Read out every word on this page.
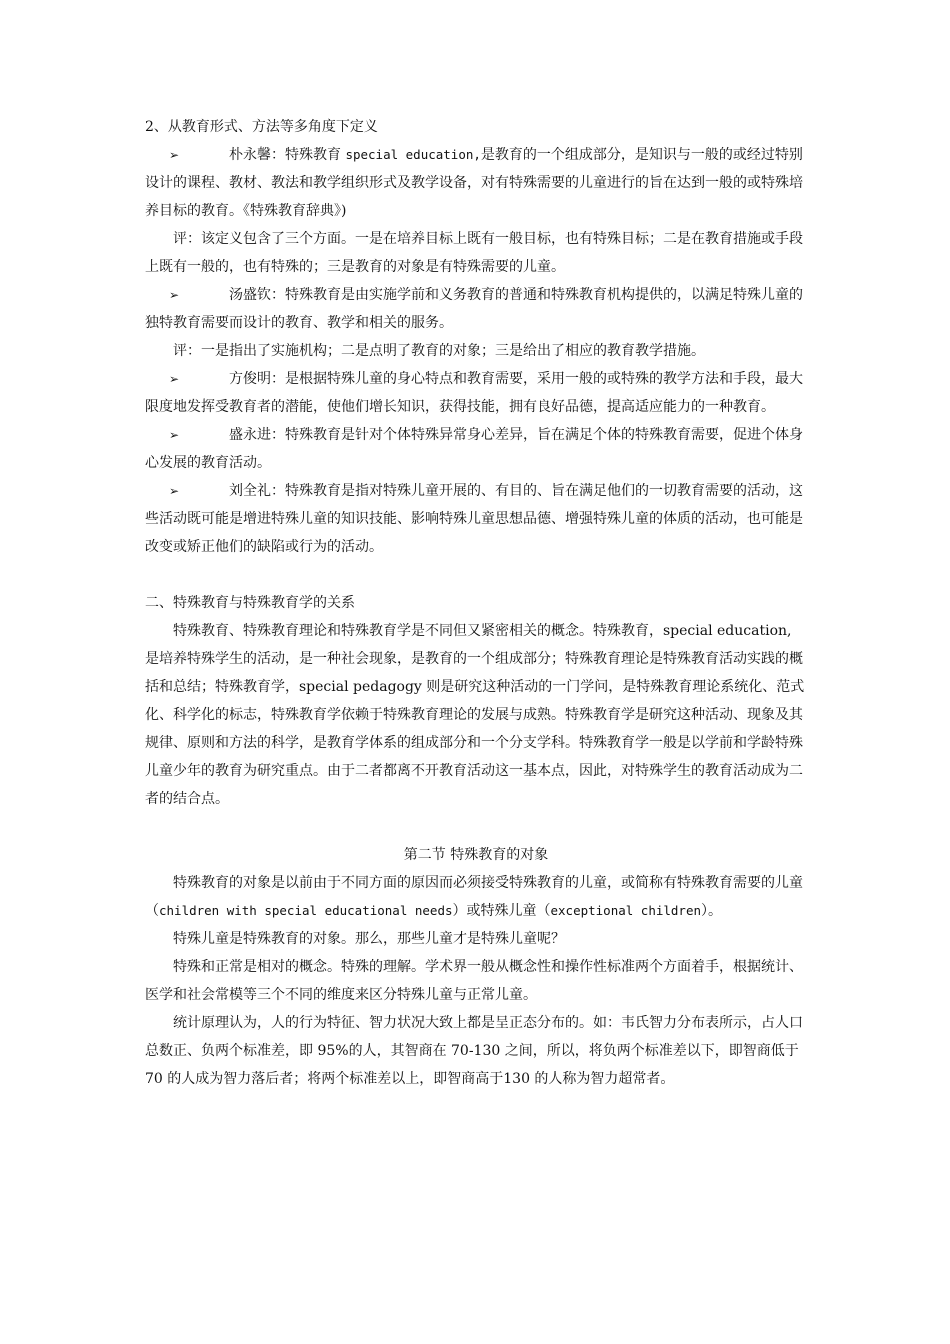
2、从教育形式、方法等多角度下定义

➢	朴永馨：特殊教育 special education,是教育的一个组成部分，是知识与一般的或经过特别设计的课程、教材、教法和教学组织形式及教学设备，对有特殊需要的儿童进行的旨在达到一般的或特殊培养目标的教育。《特殊教育辞典》)

评：该定义包含了三个方面。一是在培养目标上既有一般目标，也有特殊目标；二是在教育措施或手段上既有一般的，也有特殊的；三是教育的对象是有特殊需要的儿童。

➢	汤盛钦：特殊教育是由实施学前和义务教育的普通和特殊教育机构提供的，以满足特殊儿童的独特教育需要而设计的教育、教学和相关的服务。

评：一是指出了实施机构；二是点明了教育的对象；三是给出了相应的教育教学措施。

➢	方俊明：是根据特殊儿童的身心特点和教育需要，采用一般的或特殊的教学方法和手段，最大限度地发挥受教育者的潜能，使他们增长知识，获得技能，拥有良好品德，提高适应能力的一种教育。

➢	盛永进：特殊教育是针对个体特殊异常身心差异，旨在满足个体的特殊教育需要，促进个体身心发展的教育活动。

➢	刘全礼：特殊教育是指对特殊儿童开展的、有目的、旨在满足他们的一切教育需要的活动，这些活动既可能是增进特殊儿童的知识技能、影响特殊儿童思想品德、增强特殊儿童的体质的活动，也可能是改变或矫正他们的缺陷或行为的活动。

二、特殊教育与特殊教育学的关系

特殊教育、特殊教育理论和特殊教育学是不同但又紧密相关的概念。特殊教育，special education, 是培养特殊学生的活动，是一种社会现象，是教育的一个组成部分；特殊教育理论是特殊教育活动实践的概括和总结；特殊教育学，special pedagogy 则是研究这种活动的一门学问，是特殊教育理论系统化、范式化、科学化的标志，特殊教育学依赖于特殊教育理论的发展与成熟。特殊教育学是研究这种活动、现象及其规律、原则和方法的科学，是教育学体系的组成部分和一个分支学科。特殊教育学一般是以学前和学龄特殊儿童少年的教育为研究重点。由于二者都离不开教育活动这一基本点，因此，对特殊学生的教育活动成为二者的结合点。

第二节 特殊教育的对象

特殊教育的对象是以前由于不同方面的原因而必须接受特殊教育的儿童，或简称有特殊教育需要的儿童（children with special educational needs）或特殊儿童（exceptional children）。

特殊儿童是特殊教育的对象。那么，那些儿童才是特殊儿童呢？

特殊和正常是相对的概念。特殊的理解。学术界一般从概念性和操作性标准两个方面着手，根据统计、医学和社会常模等三个不同的维度来区分特殊儿童与正常儿童。

统计原理认为，人的行为特征、智力状况大致上都是呈正态分布的。如：韦氏智力分布表所示，占人口总数正、负两个标准差，即 95%的人，其智商在 70-130 之间，所以，将负两个标准差以下，即智商低于 70 的人成为智力落后者；将两个标准差以上，即智商高于130 的人称为智力超常者。
